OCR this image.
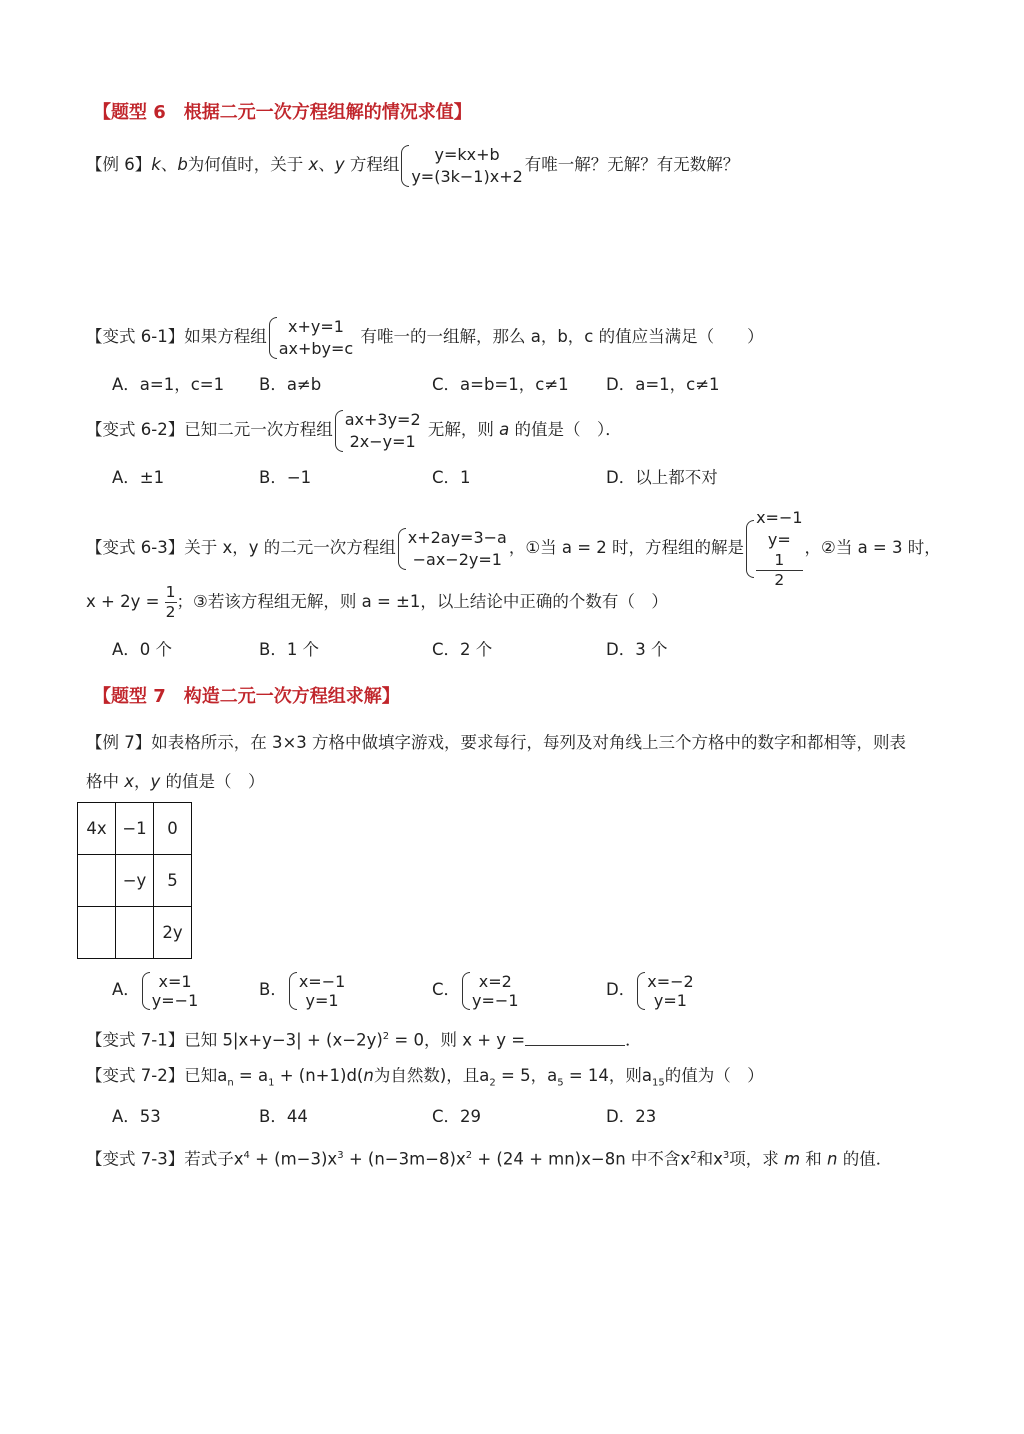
【题型 6　根据二元一次方程组解的情况求值】
【例 6】k、b为何值时，关于 x、y 方程组
y=kx+b
y=(3k−1)x+2
有唯一解？无解？有无数解？
【变式 6-1】如果方程组
x+y=1
ax+by=c
有唯一的一组解，那么 a，b，c 的值应当满足（　　）
A．a=1，c=1 B．a≠b	C．a=b=1，c≠1 D．a=1，c≠1
【变式 6-2】已知二元一次方程组
ax+3y=2
2x−y=1
无解，则 a 的值是（　）．
A．±1	B．−1	C．1	D．以上都不对
【变式 6-3】关于 x，y 的二元一次方程组
x+2ay=3−a
−ax−2y=1
，①当 a = 2 时，方程组的解是
x=−1
y=
1
2
，②当 a = 3 时，
$x + 2y = \frac{1}{2}$ ；③若该方程组无解，则 a = ±1，以上结论中正确的个数有（　）
A．0 个	B．1 个	C．2 个	D．3 个
【题型 7　构造二元一次方程组求解】
【例 7】如表格所示，在 3×3 方格中做填字游戏，要求每行，每列及对角线上三个方格中的数字和都相等，则表
格中 x，y 的值是（　）
4x	−1	0
	−y	5
		2y
A．	x=1
y=−1
B． x=−1
y=1
C．	x=2
y=−1
D． x=−2
y=1
【变式 7-1】已知 $5|x+y-3| + (x-2y)^2 = 0$，则 x + y =	．
【变式 7-2】已知$a_n = a_1 + (n+1)d(n$为自然数)，且$a_2 = 5$，$a_5 = 14$，则$a_{15}$的值为（　）
A．53	B．44	C．29	D．23
【变式 7-3】若式子$x^4 + (m-3)x^3 + (n-3m-8)x^2 + (24 + mn)x-8n$ 中不含$x^2$和$x^3$项，求 m 和 n 的值．
